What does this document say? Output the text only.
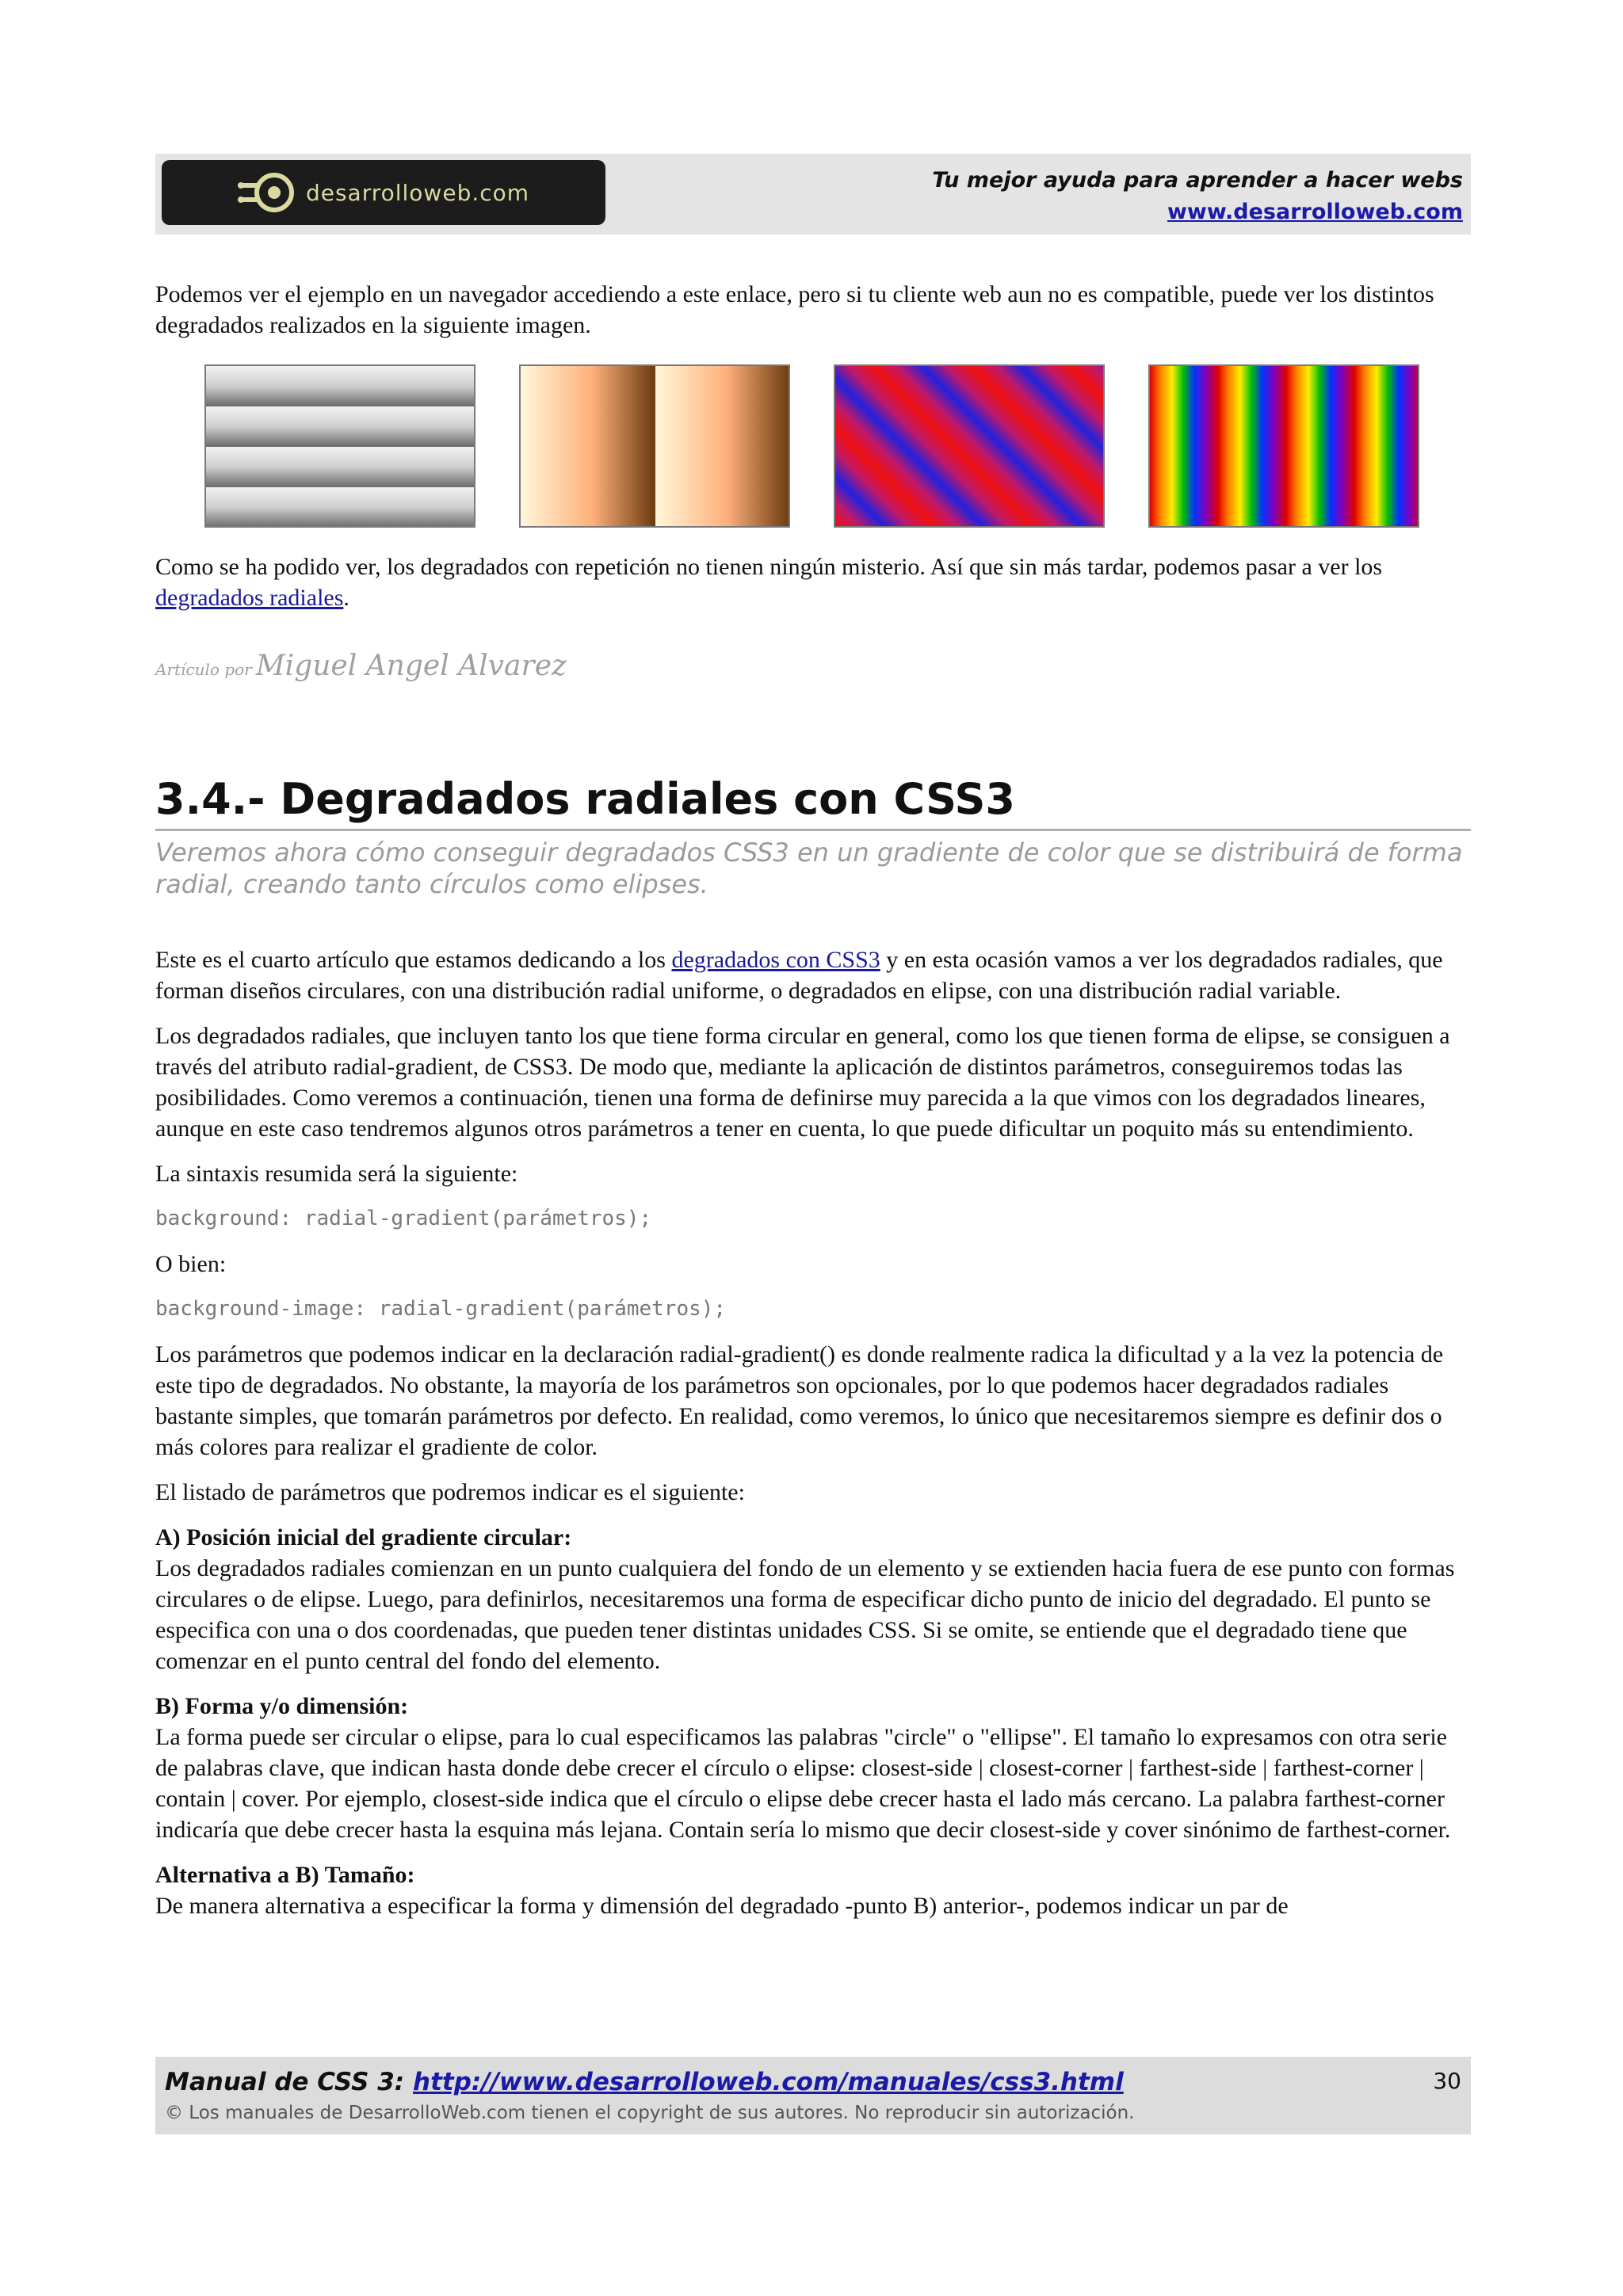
desarrolloweb.com	Tu mejor ayuda para aprender a hacer webs
www.desarrolloweb.com

Podemos ver el ejemplo en un navegador accediendo a este enlace, pero si tu cliente web aun no es compatible, puede ver los distintos degradados realizados en la siguiente imagen.

Como se ha podido ver, los degradados con repetición no tienen ningún misterio. Así que sin más tardar, podemos pasar a ver los degradados radiales.

Artículo por Miguel Angel Alvarez
3.4.- Degradados radiales con CSS3
Veremos ahora cómo conseguir degradados CSS3 en un gradiente de color que se distribuirá de forma radial, creando tanto círculos como elipses.

Este es el cuarto artículo que estamos dedicando a los degradados con CSS3 y en esta ocasión vamos a ver los degradados radiales, que forman diseños circulares, con una distribución radial uniforme, o degradados en elipse, con una distribución radial variable.

Los degradados radiales, que incluyen tanto los que tiene forma circular en general, como los que tienen forma de elipse, se consiguen a través del atributo radial-gradient, de CSS3. De modo que, mediante la aplicación de distintos parámetros, conseguiremos todas las posibilidades. Como veremos a continuación, tienen una forma de definirse muy parecida a la que vimos con los degradados lineares, aunque en este caso tendremos algunos otros parámetros a tener en cuenta, lo que puede dificultar un poquito más su entendimiento.

La sintaxis resumida será la siguiente:

background: radial-gradient(parámetros);

O bien:

background-image: radial-gradient(parámetros);

Los parámetros que podemos indicar en la declaración radial-gradient() es donde realmente radica la dificultad y a la vez la potencia de este tipo de degradados. No obstante, la mayoría de los parámetros son opcionales, por lo que podemos hacer degradados radiales bastante simples, que tomarán parámetros por defecto. En realidad, como veremos, lo único que necesitaremos siempre es definir dos o más colores para realizar el gradiente de color.

El listado de parámetros que podremos indicar es el siguiente:

A) Posición inicial del gradiente circular:
Los degradados radiales comienzan en un punto cualquiera del fondo de un elemento y se extienden hacia fuera de ese punto con formas circulares o de elipse. Luego, para definirlos, necesitaremos una forma de especificar dicho punto de inicio del degradado. El punto se especifica con una o dos coordenadas, que pueden tener distintas unidades CSS. Si se omite, se entiende que el degradado tiene que comenzar en el punto central del fondo del elemento.

B) Forma y/o dimensión:
La forma puede ser circular o elipse, para lo cual especificamos las palabras "circle" o "ellipse". El tamaño lo expresamos con otra serie de palabras clave, que indican hasta donde debe crecer el círculo o elipse: closest-side | closest-corner | farthest-side | farthest-corner | contain | cover. Por ejemplo, closest-side indica que el círculo o elipse debe crecer hasta el lado más cercano. La palabra farthest-corner indicaría que debe crecer hasta la esquina más lejana. Contain sería lo mismo que decir closest-side y cover sinónimo de farthest-corner.

Alternativa a B) Tamaño:
De manera alternativa a especificar la forma y dimensión del degradado -punto B) anterior-, podemos indicar un par de

Manual de CSS 3: http://www.desarrolloweb.com/manuales/css3.html
© Los manuales de DesarrolloWeb.com tienen el copyright de sus autores. No reproducir sin autorización.
30
